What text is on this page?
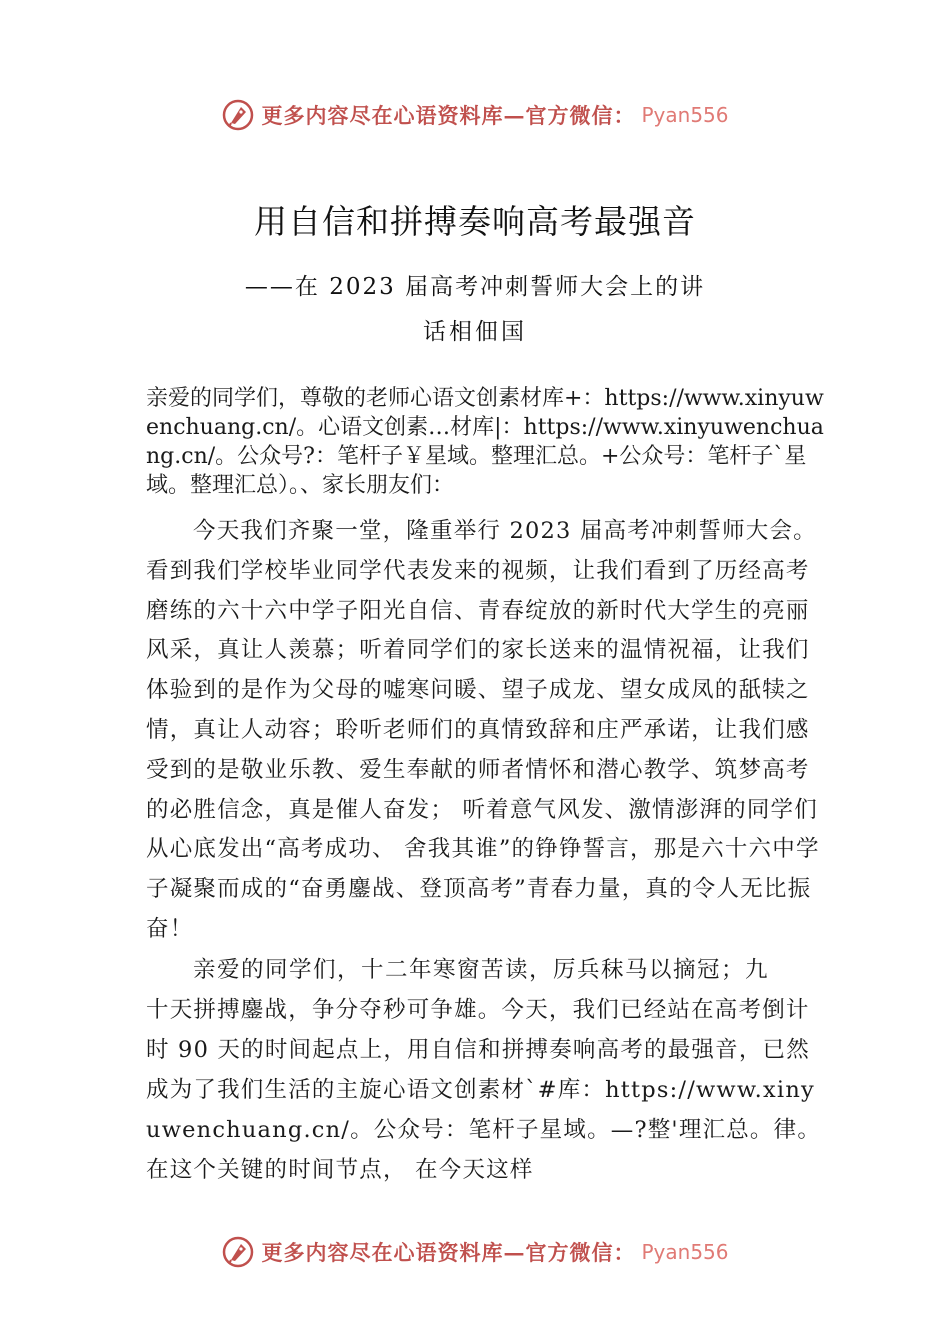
更多内容尽在心语资料库—官方微信： Pyan556
用自信和拼搏奏响高考最强音

——在 2023 届高考冲刺誓师大会上的讲

话相佃国

亲爱的同学们，尊敬的老师心语文创素材库+：https://www.xinyuwenchuang.cn/。心语文创素…材库|：https://www.xinyuwenchuang.cn/。公众号?：笔杆子￥星域。整理汇总。+公众号：笔杆子`星域。整理汇总）。、家长朋友们：

今天我们齐聚一堂，隆重举行 2023 届高考冲刺誓师大会。看到我们学校毕业同学代表发来的视频，让我们看到了历经高考磨练的六十六中学子阳光自信、青春绽放的新时代大学生的亮丽风采，真让人羡慕；听着同学们的家长送来的温情祝福，让我们体验到的是作为父母的嘘寒问暖、望子成龙、望女成凤的舐犊之情，真让人动容；聆听老师们的真情致辞和庄严承诺，让我们感受到的是敬业乐教、爱生奉献的师者情怀和潜心教学、筑梦高考的必胜信念，真是催人奋发； 听着意气风发、激情澎湃的同学们从心底发出“高考成功、 舍我其谁”的铮铮誓言，那是六十六中学子凝聚而成的“奋勇鏖战、登顶高考”青春力量，真的令人无比振奋！

亲爱的同学们，十二年寒窗苦读，厉兵秣马以摘冠；九

十天拼搏鏖战，争分夺秒可争雄。今天，我们已经站在高考倒计时 90 天的时间起点上，用自信和拼搏奏响高考的最强音，已然成为了我们生活的主旋心语文创素材`#库：https://www.xinyuwenchuang.cn/。公众号：笔杆子星域。—?整'理汇总。律。在这个关键的时间节点， 在今天这样

更多内容尽在心语资料库—官方微信： Pyan556
